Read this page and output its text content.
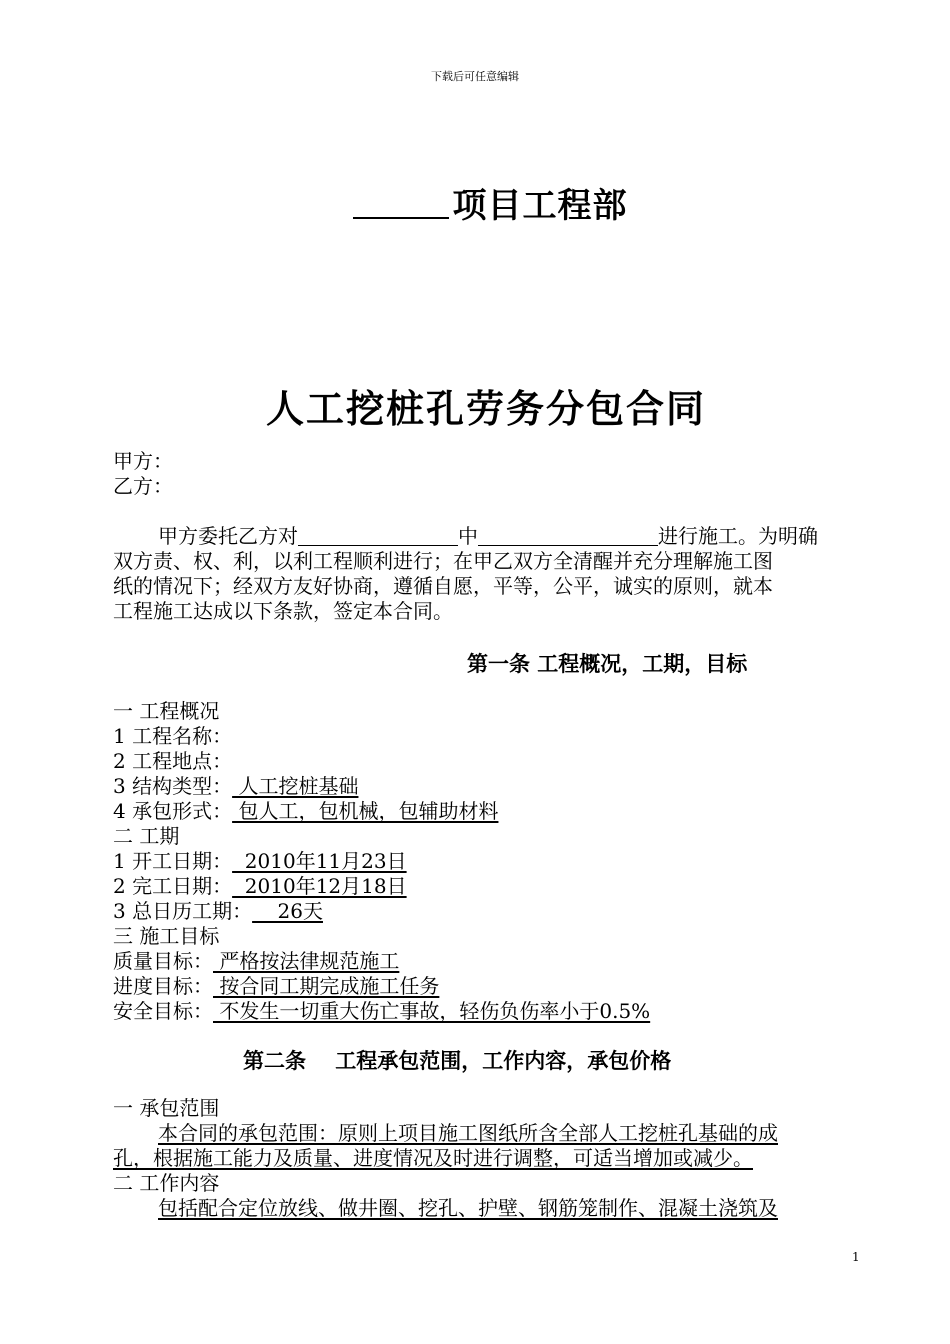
下载后可任意编辑
项目工程部
人工挖桩孔劳务分包合同
甲方：
乙方：
甲方委托乙方对	中	进行施工。为明确
双方责、权、利，以利工程顺利进行；在甲乙双方全清醒并充分理解施工图
纸的情况下；经双方友好协商，遵循自愿，平等，公平，诚实的原则，就本
工程施工达成以下条款，签定本合同。
第一条 工程概况，工期，目标
一 工程概况
1 工程名称：
2 工程地点：
3 结构类型： 人工挖桩基础
4 承包形式： 包人工，包机械，包辅助材料
二 工期
1 开工日期：  2010年11月23日
2 完工日期：  2010年12月18日
3 总日历工期：    26天
三 施工目标
质量目标： 严格按法律规范施工
进度目标： 按合同工期完成施工任务
安全目标： 不发生一切重大伤亡事故，轻伤负伤率小于0.5%
第二条    工程承包范围，工作内容，承包价格
一 承包范围
本合同的承包范围：原则上项目施工图纸所含全部人工挖桩孔基础的成
孔，根据施工能力及质量、进度情况及时进行调整，可适当增加或减少。
二 工作内容
包括配合定位放线、做井圈、挖孔、护壁、钢筋笼制作、混凝土浇筑及
1
